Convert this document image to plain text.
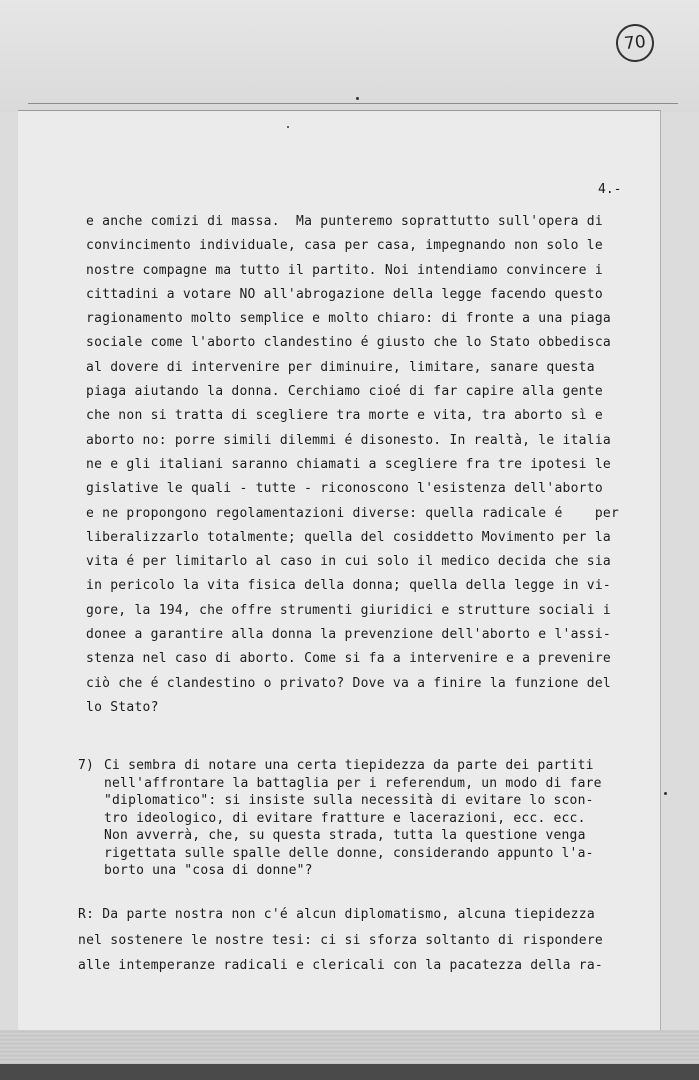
70
4.-
e anche comizi di massa.  Ma punteremo soprattutto sull'opera di
convincimento individuale, casa per casa, impegnando non solo le
nostre compagne ma tutto il partito. Noi intendiamo convincere i
cittadini a votare NO all'abrogazione della legge facendo questo
ragionamento molto semplice e molto chiaro: di fronte a una piaga
sociale come l'aborto clandestino é giusto che lo Stato obbedisca
al dovere di intervenire per diminuire, limitare, sanare questa
piaga aiutando la donna. Cerchiamo cioé di far capire alla gente
che non si tratta di scegliere tra morte e vita, tra aborto sì e
aborto no: porre simili dilemmi é disonesto. In realtà, le italia
ne e gli italiani saranno chiamati a scegliere fra tre ipotesi le
gislative le quali - tutte - riconoscono l'esistenza dell'aborto
e ne propongono regolamentazioni diverse: quella radicale é    per
liberalizzarlo totalmente; quella del cosiddetto Movimento per la
vita é per limitarlo al caso in cui solo il medico decida che sia
in pericolo la vita fisica della donna; quella della legge in vi-
gore, la 194, che offre strumenti giuridici e strutture sociali i
donee a garantire alla donna la prevenzione dell'aborto e l'assi-
stenza nel caso di aborto. Come si fa a intervenire e a prevenire
ciò che é clandestino o privato? Dove va a finire la funzione del
lo Stato?
7) Ci sembra di notare una certa tiepidezza da parte dei partiti
nell'affrontare la battaglia per i referendum, un modo di fare
"diplomatico": si insiste sulla necessità di evitare lo scon-
tro ideologico, di evitare fratture e lacerazioni, ecc. ecc.
Non avverrà, che, su questa strada, tutta la questione venga
rigettata sulle spalle delle donne, considerando appunto l'a-
borto una "cosa di donne"?
R: Da parte nostra non c'é alcun diplomatismo, alcuna tiepidezza
nel sostenere le nostre tesi: ci si sforza soltanto di rispondere
alle intemperanze radicali e clericali con la pacatezza della ra-
